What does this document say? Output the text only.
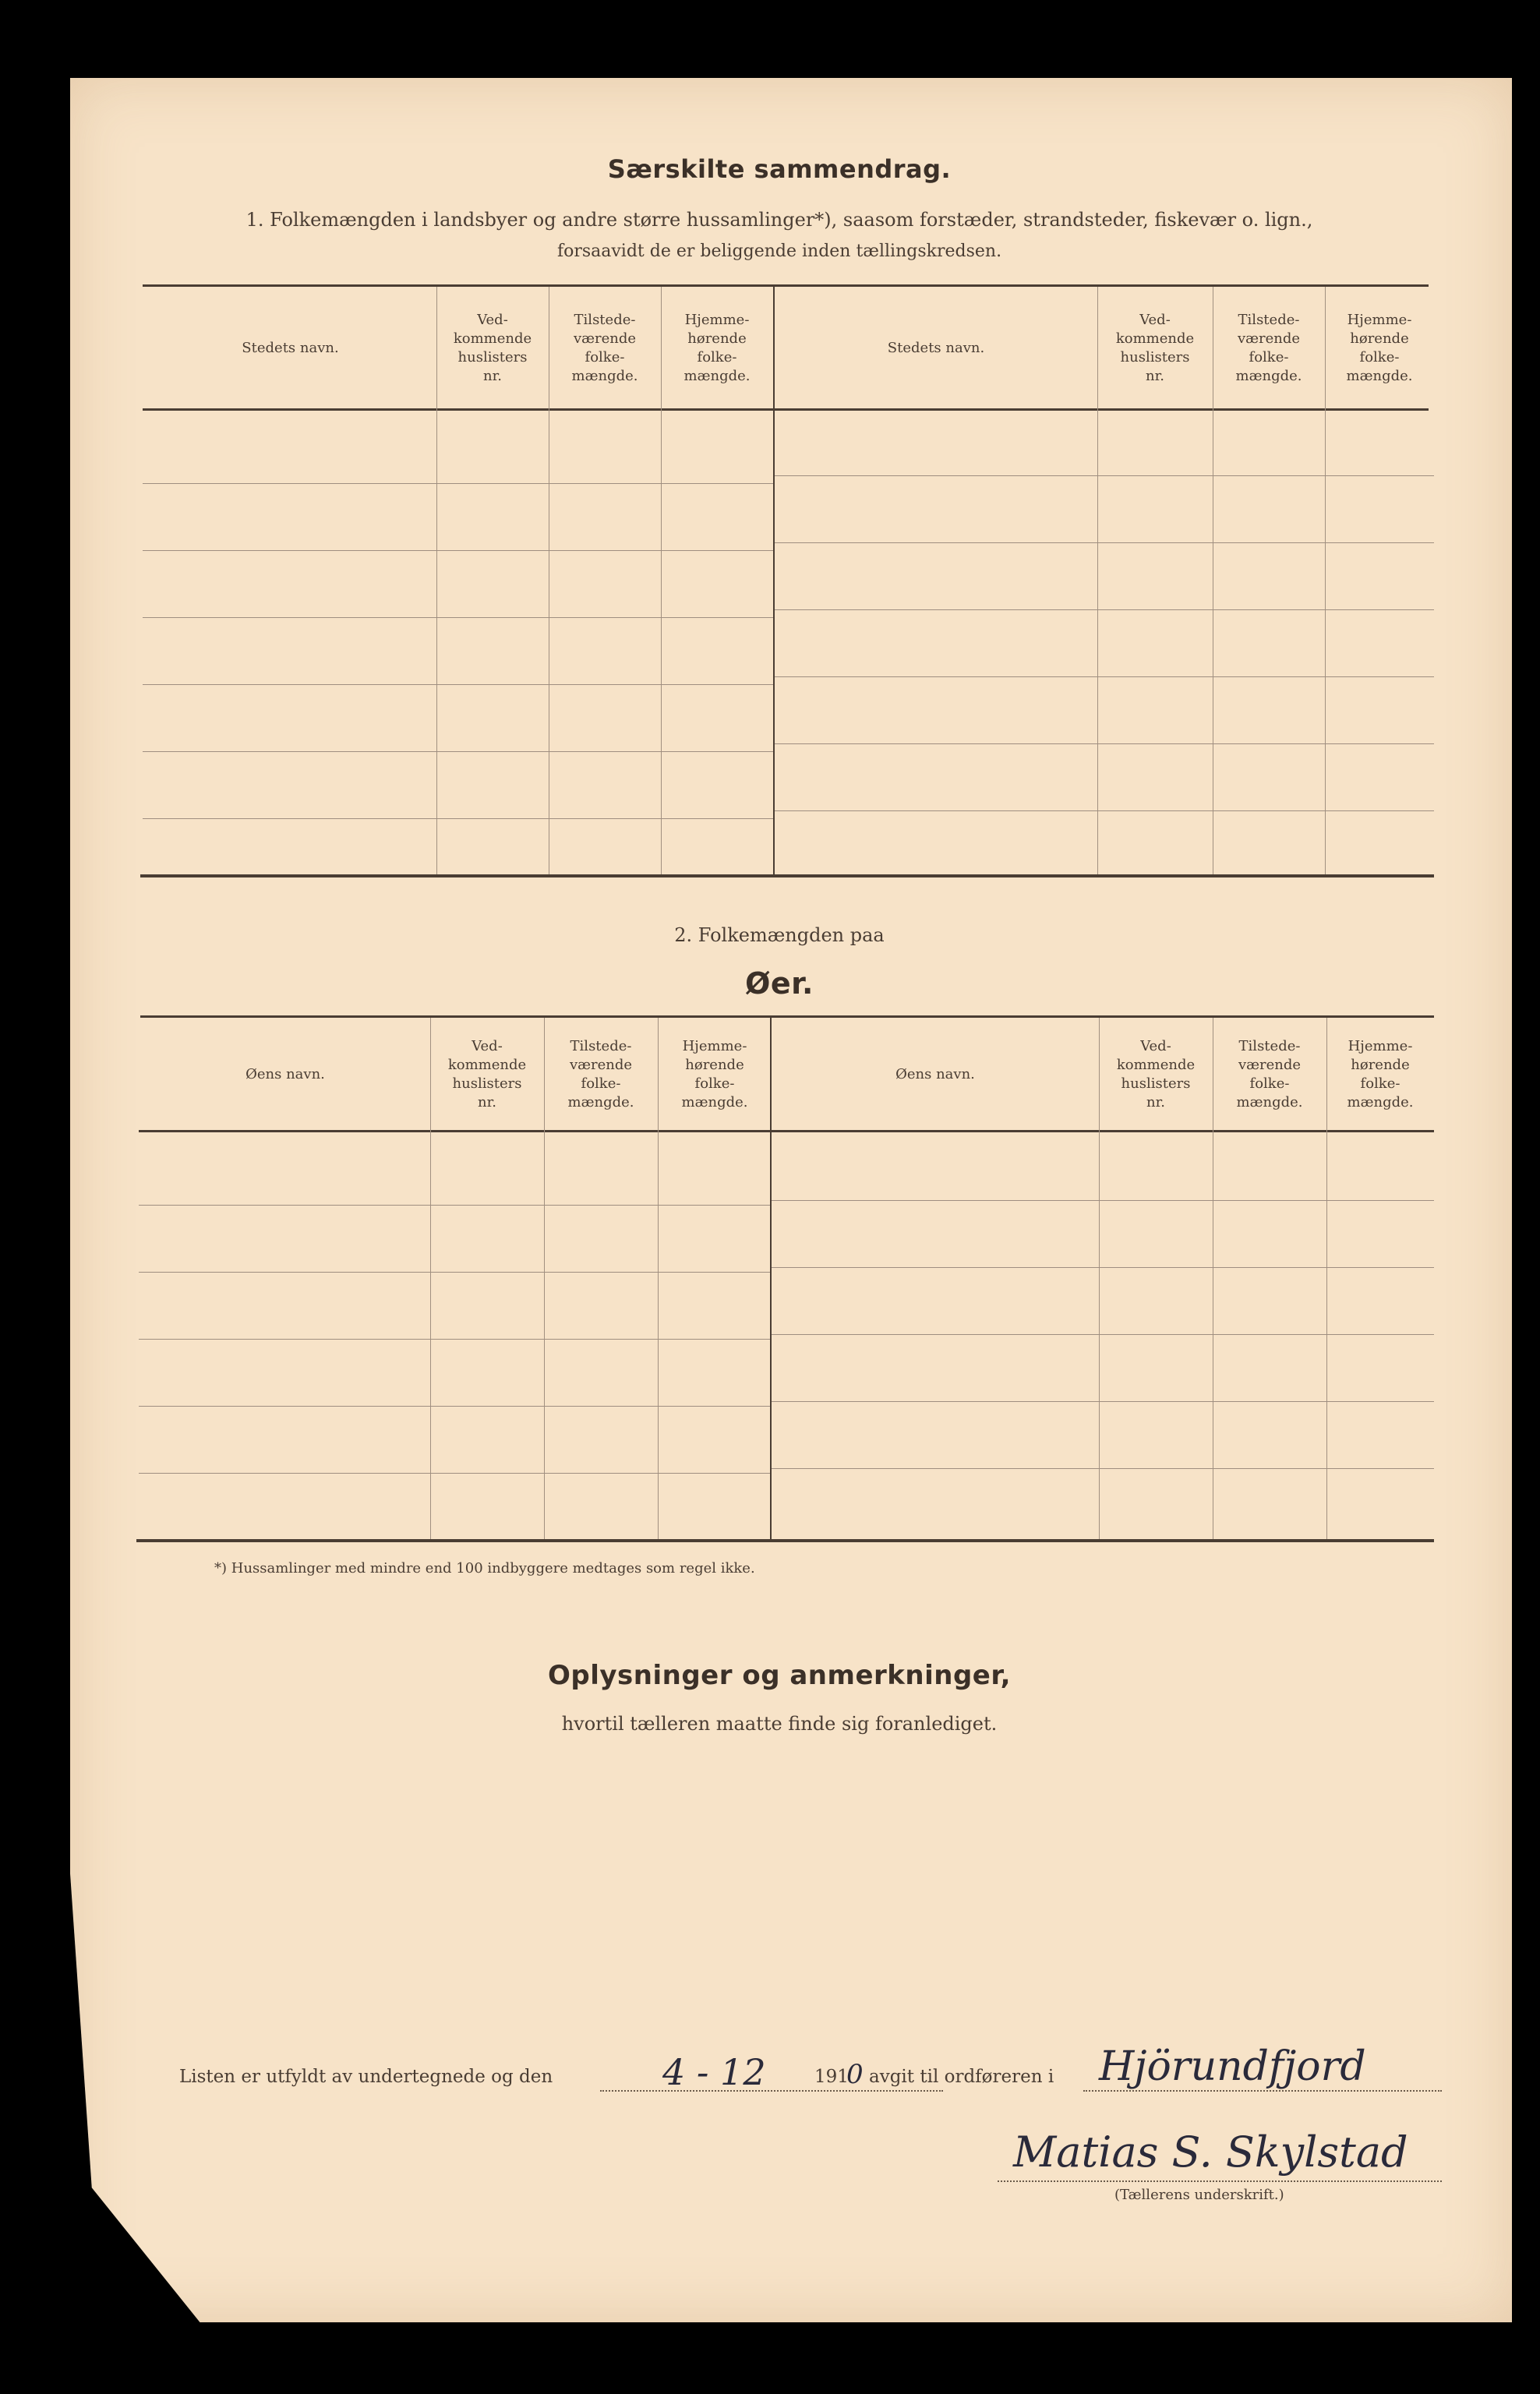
Særskilte sammendrag.
1. Folkemængden i landsbyer og andre større hussamlinger*), saasom forstæder, strandsteder, fiskevær o. lign.,
forsaavidt de er beliggende inden tællingskredsen.
Stedets navn.
Ved-
kommende
huslisters
nr.
Tilstede-
værende
folke-
mængde.
Hjemme-
hørende
folke-
mængde.
Stedets navn.
Ved-
kommende
huslisters
nr.
Tilstede-
værende
folke-
mængde.
Hjemme-
hørende
folke-
mængde.
2. Folkemængden paa
Øer.
Øens navn.
Ved-
kommende
huslisters
nr.
Tilstede-
værende
folke-
mængde.
Hjemme-
hørende
folke-
mængde.
Øens navn.
Ved-
kommende
huslisters
nr.
Tilstede-
værende
folke-
mængde.
Hjemme-
hørende
folke-
mængde.
*) Hussamlinger med mindre end 100 indbyggere medtages som regel ikke.
Oplysninger og anmerkninger,
hvortil tælleren maatte finde sig foranlediget.
Listen er utfyldt av undertegnede og den	4 - 12	191
0 avgit til ordføreren i Hjörundfjord
Matias S. Skylstad
(Tællerens underskrift.)
